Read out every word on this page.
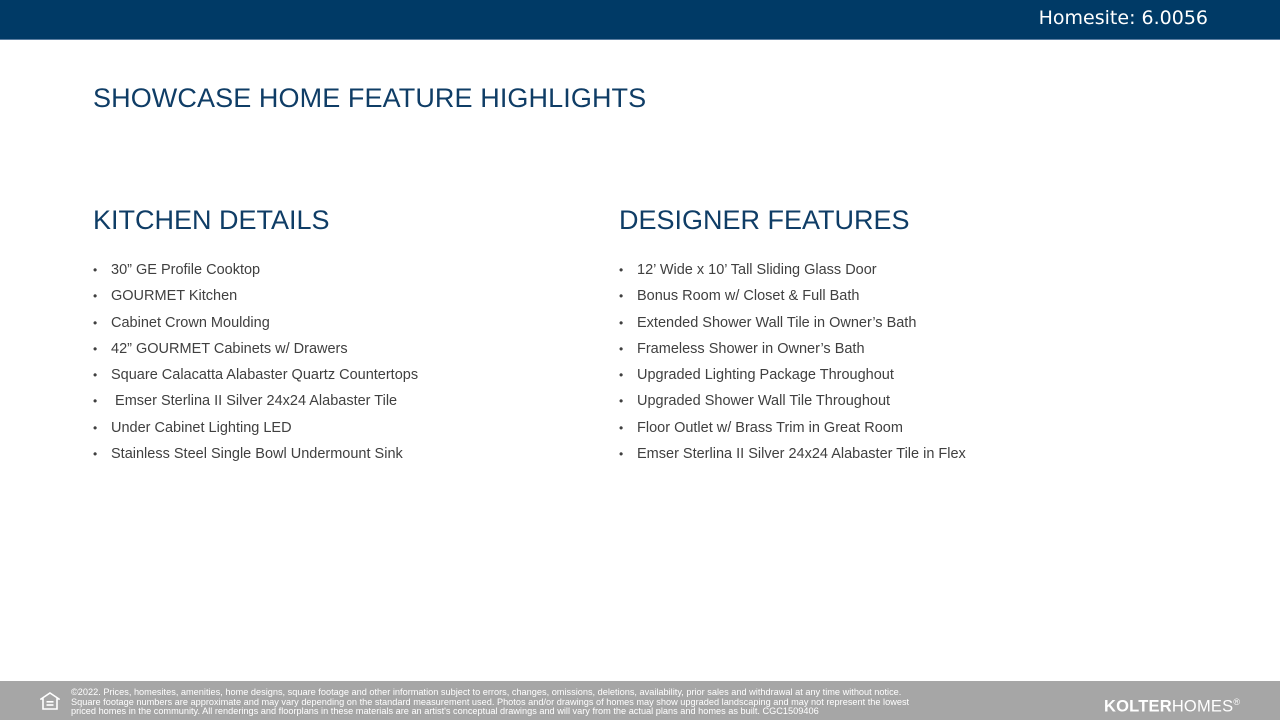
Homesite: 6.0056
SHOWCASE HOME FEATURE HIGHLIGHTS
KITCHEN DETAILS
• 30” GE Profile Cooktop
• GOURMET Kitchen
• Cabinet Crown Moulding
• 42” GOURMET Cabinets w/ Drawers
• Square Calacatta Alabaster Quartz Countertops
• Emser Sterlina II Silver 24x24 Alabaster Tile
• Under Cabinet Lighting LED
• Stainless Steel Single Bowl Undermount Sink
DESIGNER FEATURES
• 12’ Wide x 10’ Tall Sliding Glass Door
• Bonus Room w/ Closet & Full Bath
• Extended Shower Wall Tile in Owner’s Bath
• Frameless Shower in Owner’s Bath
• Upgraded Lighting Package Throughout
• Upgraded Shower Wall Tile Throughout
• Floor Outlet w/ Brass Trim in Great Room
• Emser Sterlina II Silver 24x24 Alabaster Tile in Flex
©2022. Prices, homesites, amenities, home designs, square footage and other information subject to errors, changes, omissions, deletions, availability, prior sales and withdrawal at any time without notice.
Square footage numbers are approximate and may vary depending on the standard measurement used. Photos and/or drawings of homes may show upgraded landscaping and may not represent the lowest
priced homes in the community. All renderings and floorplans in these materials are an artist's conceptual drawings and will vary from the actual plans and homes as built. CGC1509406	KOLTERHOMES®
